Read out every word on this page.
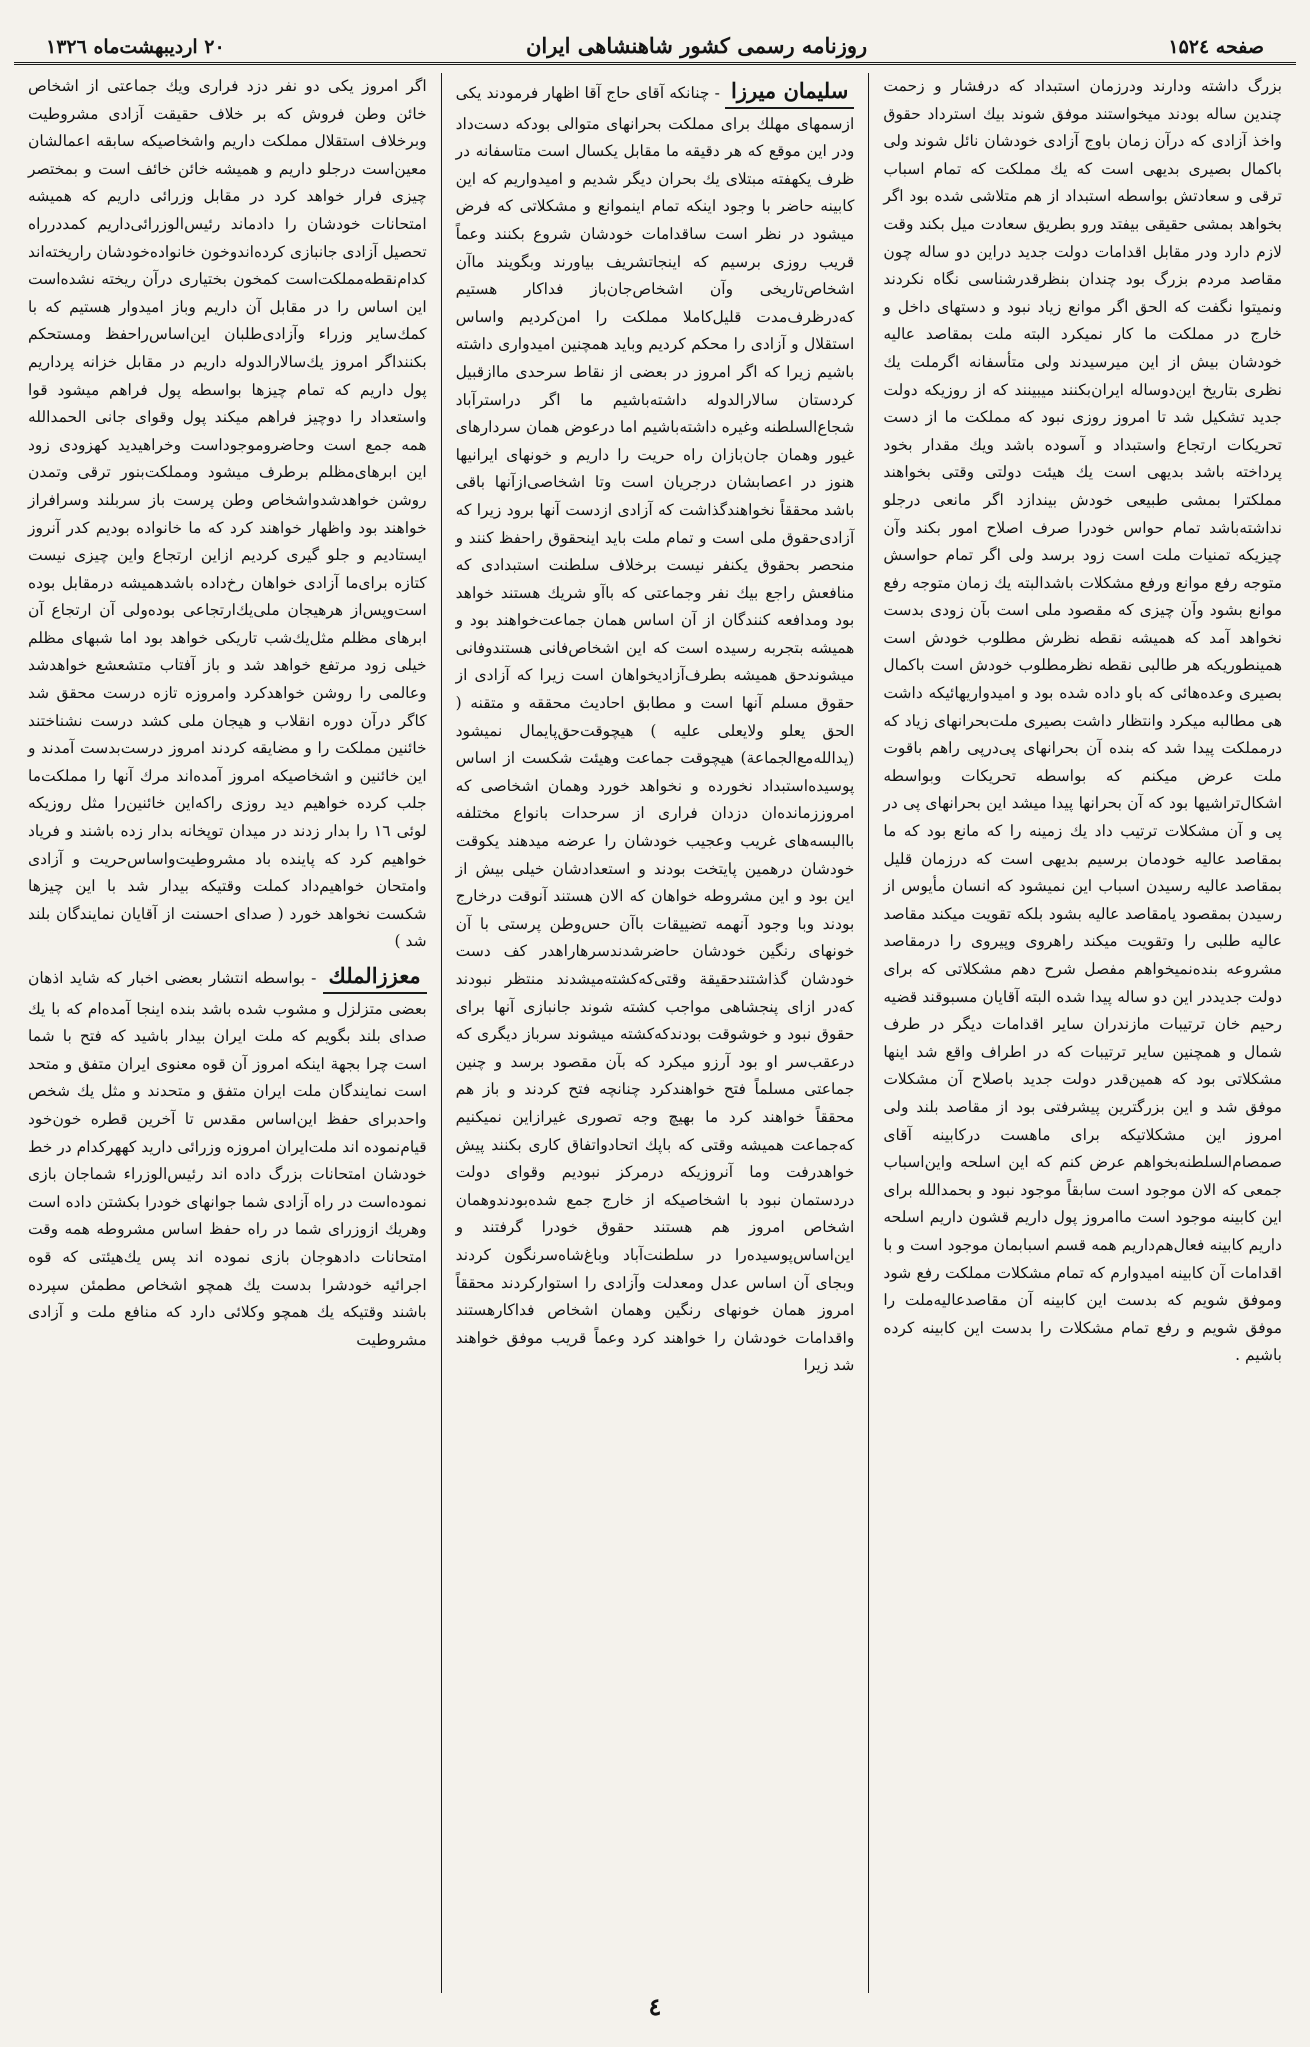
صفحه ۱۵۲٤
روزنامه رسمی کشور شاهنشاهی ایران
۲۰ اردیبهشت‌ماه ۱۳۲٦

بزرگ داشته ودارند ودرزمان استبداد که درفشار و زحمت چندین ساله بودند میخواستند موفق شوند بیك استرداد حقوق واخذ آزادی که درآن زمان باوج آزادی خودشان نائل شوند ولی باکمال بصیری بدیهی است که یك مملکت که تمام اسباب ترقی و سعادتش بواسطه استبداد از هم متلاشی شده بود اگر بخواهد بمشی حقیقی بیفتد ورو بطریق سعادت میل بکند وقت لازم دارد ودر مقابل اقدامات دولت جدید دراین دو ساله چون مقاصد مردم بزرگ بود چندان بنظرقدرشناسی نگاه نکردند ونمیتوا نگفت که الحق اگر موانع زیاد نبود و دستهای داخل و خارج در مملکت ما کار نمیکرد البته ملت بمقاصد عالیه خودشان بیش از این میرسیدند ولی متأسفانه اگرملت یك نظری بتاریخ این‌دوساله ایران‌بکنند میبینند که از روزیکه دولت جدید تشکیل شد تا امروز روزی نبود که مملکت ما از دست تحریکات ارتجاع واستبداد و آسوده باشد ویك مقدار بخود پرداخته باشد بدیهی است یك هیئت دولتی وقتی بخواهند مملکترا بمشی طبیعی خودش بیندازد اگر مانعی درجلو نداشته‌باشد تمام حواس خودرا صرف اصلاح امور بکند وآن چیزیکه تمنیات ملت است زود برسد ولی اگر تمام حواسش متوجه رفع موانع ورفع مشکلات باشدالبته یك زمان متوجه رفع موانع بشود وآن چیزی که مقصود ملی است بآن زودی بدست نخواهد آمد که همیشه نقطه نظرش مطلوب خودش است همینطوریکه هر طالبی نقطه نظرمطلوب خودش است باکمال بصیری وعده‌هائی که باو داده شده بود و امیدواریهائیکه داشت هی مطالبه میکرد وانتظار داشت بصیری ملت‌بحرانهای زیاد که درمملکت پیدا شد که بنده آن بحرانهای پی‌درپی راهم باقوت ملت عرض میکنم که بواسطه تحریکات وبواسطه اشکال‌تراشیها بود که آن بحرانها پیدا میشد این بحرانهای پی در پی و آن مشکلات ترتیب داد یك زمینه را که مانع بود که ما بمقاصد عالیه خودمان برسیم بدیهی است که درزمان قلیل بمقاصد عالیه رسیدن اسباب این نمیشود که انسان مأیوس از رسیدن بمقصود یامقاصد عالیه بشود بلکه تقویت میکند مقاصد عالیه طلبی را وتقویت میکند راهروی وپیروی را درمقاصد مشروعه بنده‌نمیخواهم مفصل شرح دهم مشکلاتی که برای دولت جدیددر این دو ساله پیدا شده البته آقایان مسبوقند قضیه رحیم خان ترتیبات مازندران سایر اقدامات دیگر در طرف شمال و همچنین سایر ترتیبات که در اطراف واقع شد اینها مشکلاتی بود که همین‌قدر دولت جدید باصلاح آن مشکلات موفق شد و این بزرگترین پیشرفتی بود از مقاصد بلند ولی امروز این مشکلاتیکه برای ماهست درکابینه آقای صمصام‌السلطنه‌بخواهم عرض کنم که این اسلحه واین‌اسباب جمعی که الان موجود است سابقاً موجود نبود و بحمدالله برای این کابینه موجود است ماامروز پول داریم قشون داریم اسلحه داریم کابینه فعال‌هم‌داریم همه قسم اسبابمان موجود است و با اقدامات آن کابینه امیدوارم که تمام مشکلات مملکت رفع شود وموفق شویم که بدست این کابینه آن مقاصدعالیه‌ملت را موفق شویم و رفع تمام مشکلات را بدست این کابینه کرده باشیم .

سلیمان میرزا - چنانکه آقای حاج آقا اظهار فرمودند یکی ازسمهای مهلك برای مملکت بحرانهای متوالی بودکه دست‌داد ودر این موقع که هر دقیقه ما مقابل یکسال است متاسفانه در ظرف یکهفته مبتلای یك بحران دیگر شدیم و امیدواریم که این کابینه حاضر با وجود اینکه تمام اینموانع و مشکلاتی که فرض میشود در نظر است ساقدامات خودشان شروع بکنند وعماً قریب روزی برسیم که اینجاتشریف بیاورند وبگویند ماآن اشخاص‌تاریخی وآن اشخاص‌جان‌باز فداکار هستیم که‌درظرف‌مدت قلیل‌کاملا مملکت را امن‌کردیم واساس استقلال و آزادی را محکم کردیم وباید همچنین امیدواری داشته باشیم زیرا که اگر امروز در بعضی از نقاط سرحدی ماازقبیل کردستان سالارالدوله داشته‌باشیم ما اگر دراسترآباد شجاع‌السلطنه وغیره داشته‌باشیم اما درعوض همان سردارهای غیور وهمان جان‌بازان راه حریت را داریم و خونهای ایرانیها هنوز در اعصابشان درجریان است وتا اشخاصی‌ازآنها باقی باشد محققاً نخواهندگذاشت که آزادی ازدست آنها برود زیرا که آزادی‌حقوق ملی است و تمام ملت باید اینحقوق راحفظ کنند و منحصر بحقوق یکنفر نیست برخلاف سلطنت استبدادی که منافعش راجع بیك نفر وجماعتی که باآو شریك هستند خواهد بود ومدافعه کنندگان از آن اساس همان جماعت‌خواهند بود و همیشه بتجربه رسیده است که این اشخاص‌فانی هستندوفانی میشوندحق همیشه بطرف‌آزادیخواهان است زیرا که آزادی از حقوق مسلم آنها است و مطابق احادیث محققه و متقنه ( الحق یعلو ولایعلی علیه ) هیچوقت‌حق‌پایمال نمیشود (یدالله‌مع‌الجماعة) هیچوقت جماعت وهیئت شکست از اساس پوسیده‌استبداد نخورده و نخواهد خورد وهمان اشخاصی که امروززمانده‌ان دزدان فراری از سرحدات بانواع مختلفه باالبسه‌های غریب وعجیب خودشان را عرضه میدهند یکوقت خودشان درهمین پایتخت بودند و استعدادشان خیلی بیش از این بود و این مشروطه خواهان که الان هستند آنوقت درخارج بودند وبا وجود آنهمه تضییقات باآن حس‌وطن پرستی با آن خونهای رنگین خودشان حاضرشدندسرهاراهدر کف دست خودشان گذاشتندحقیقة وقتی‌که‌کشته‌میشدند منتظر نبودند که‌در ازای پنجشاهی مواجب کشته شوند جانبازی آنها برای حقوق ‌نبود و خوشوقت بودندکه‌کشته میشوند سرباز دیگری که درعقب‌سر او بود آرزو میکرد که بآن مقصود برسد و چنین جماعتی مسلماً فتح خواهندکرد چنانچه فتح کردند و باز هم محققاً خواهند کرد ما بهیچ وجه تصوری غیرازاین نمیکنیم که‌جماعت همیشه وقتی که باپك اتحادواتفاق کاری بکنند پیش خواهدرفت وما آنروزیکه درمرکز نبودیم وقوای دولت دردستمان نبود با اشخاصیکه از خارج جمع شده‌بودندوهمان اشخاص امروز هم هستند حقوق خودرا گرفتند و این‌اساس‌پوسیده‌را در سلطنت‌آباد وباغ‌شاه‌سرنگون کردند وبجای آن اساس عدل ومعدلت وآزادی را استوارکردند محققاً امروز همان خونهای رنگین وهمان اشخاص فداکارهستند واقدامات خودشان را خواهند کرد وعماً قریب موفق خواهند شد زیرا

اگر امروز یکی دو نفر دزد فراری ویك جماعتی از اشخاص خائن وطن فروش که بر خلاف حقیقت آزادی مشروطیت وبرخلاف استقلال مملکت داریم واشخاصیکه سابقه اعمالشان معین‌است درجلو داریم و همیشه خائن خائف است و بمختصر چیزی فرار خواهد کرد در مقابل وزرائی داریم که همیشه امتحانات خودشان را دادماند رئیس‌الوزرائی‌داریم کمددرراه تحصیل آزادی جانبازی کرده‌اندوخون خانواده‌خودشان راریخته‌اند کدام‌نقطه‌مملکت‌است کمخون بختیاری در‌آن ریخته نشده‌است این اساس را در مقابل آن داریم وباز امیدوار هستیم که با کمك‌سایر وزراء وآزادی‌طلبان این‌اساس‌راحفظ ومستحکم بکنند‌اگر امروز یك‌سالارالدوله داریم در مقابل خزانه پرداریم پول داریم که تمام چیزها بواسطه پول فراهم میشود قوا واستعداد را دوچیز فراهم میکند پول وقوای جانی الحمدالله همه جمع است وحاضروموجوداست وخراهیدید کهزودی زود این ابرهای‌مظلم برطرف میشود ومملکت‌بنور ترقی وتمدن روشن خواهدشدواشخاص وطن پرست باز سربلند وسرافراز خواهند بود واظهار خواهند کرد که ما خانواده بودیم کدر آنروز ایستادیم و جلو گیری کردیم ازاین ارتجاع واین چیزی نیست کتازه برای‌ما آزادی خواهان رخ‌داده باشدهمیشه درمقابل بوده است‌وپس‌از هرهیجان ملی‌یك‌ارتجاعی بوده‌ولی آن ارتجاع آن ابرهای مظلم مثل‌یك‌شب تاریکی خواهد بود اما شبهای مظلم خیلی زود مرتفع خواهد شد و باز آفتاب متشعشع خواهدشد وعالمی را روشن خواهدکرد وامروزه تازه درست محقق شد کاگر درآن دوره انقلاب و هیجان ملی کشد درست نشناختند خائنین‌ مملکت را و مضایقه کردند امروز درست‌بدست آمدند و این خائنین و اشخاصیکه امروز آمده‌اند مرك آنها را مملکت‌ما جلب کرده خواهیم دید روزی راکه‌این خائنین‌را مثل روزیکه لوئی ۱٦ را بدار زدند در میدان توپخانه بدار زده باشند و فریاد خواهیم کرد که پاینده باد مشروطیت‌واساس‌حریت و آزادی وامتحان خواهیم‌داد کملت وقتیکه بیدار شد با این چیزها شکست نخواهد خورد ( صدای احسنت از آقایان نمایندگان بلند شد )

معززالملك - بواسطه انتشار بعضی اخبار که شاید اذهان بعضی متزلزل و مشوب شده باشد بنده اینجا آمده‌ام که با یك صدای بلند بگویم که ملت ایران بیدار باشید که فتح با شما است چرا بجهة اینکه امروز آن قوه معنوی ایران متفق و متحد است نمایندگان ملت ایران متفق و متحدند و مثل یك شخص واحدبرای حفظ این‌اساس مقدس تا آخرین قطره خون‌خود قیام‌نموده اند ملت‌ایران امروزه وزرائی دارید کههرکدام در خط خودشان امتحانات بزرگ داده اند رئیس‌الوزراء شماجان بازی نموده‌است در راه آزادی شما جوانهای خودرا بکشتن داده است وهریك ازوزرای شما در راه حفظ اساس مشروطه همه وقت امتحانات دادهوجان بازی نموده اند پس یك‌هیئتی که قوه اجرائیه خودشرا بدست یك همچو اشخاص مطمئن سپرده باشند وقتیکه یك همچو وکلائی دارد که منافع ملت و آزادی مشروطیت

٤
